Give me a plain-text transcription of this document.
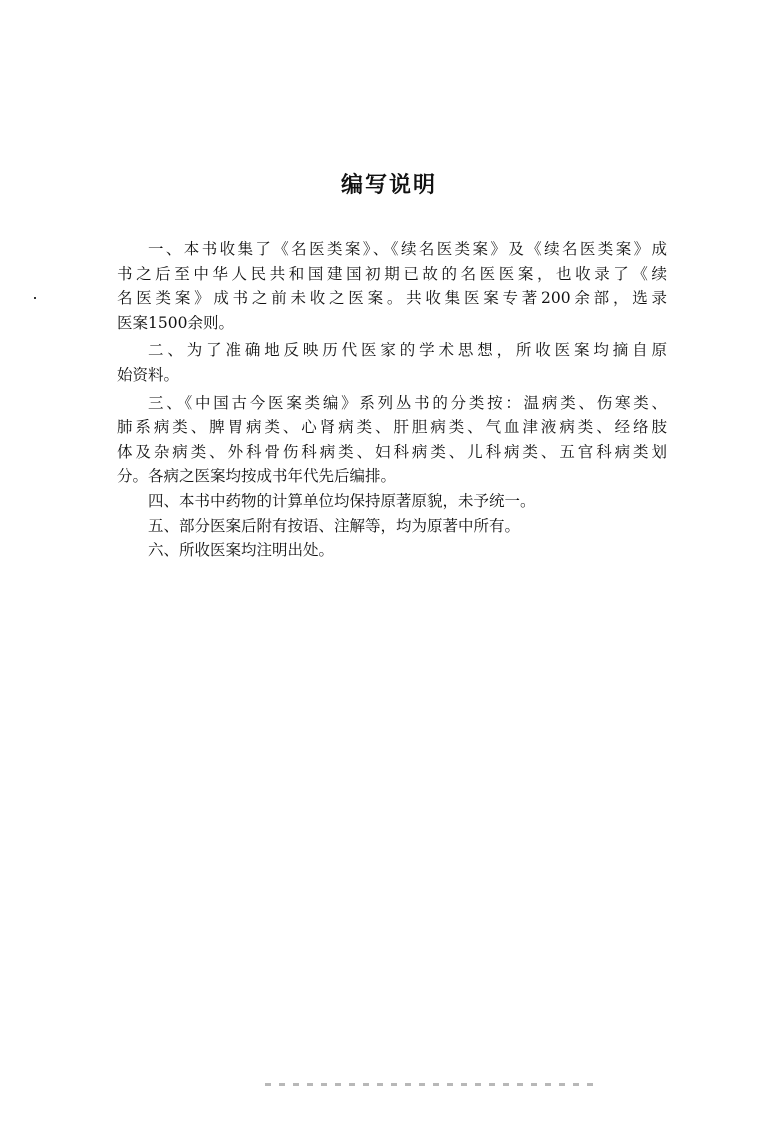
编写说明
一、本书收集了《名医类案》、《续名医类案》及《续名医类案》成
书之后至中华人民共和国建国初期已故的名医医案，也收录了《续
名医类案》成书之前未收之医案。共收集医案专著200余部，选录
医案1500余则。
二、为了准确地反映历代医家的学术思想，所收医案均摘自原
始资料。
三、《中国古今医案类编》系列丛书的分类按：温病类、伤寒类、
肺系病类、脾胃病类、心肾病类、肝胆病类、气血津液病类、经络肢
体及杂病类、外科骨伤科病类、妇科病类、儿科病类、五官科病类划
分。各病之医案均按成书年代先后编排。
四、本书中药物的计算单位均保持原著原貌，未予统一。
五、部分医案后附有按语、注解等，均为原著中所有。
六、所收医案均注明出处。
